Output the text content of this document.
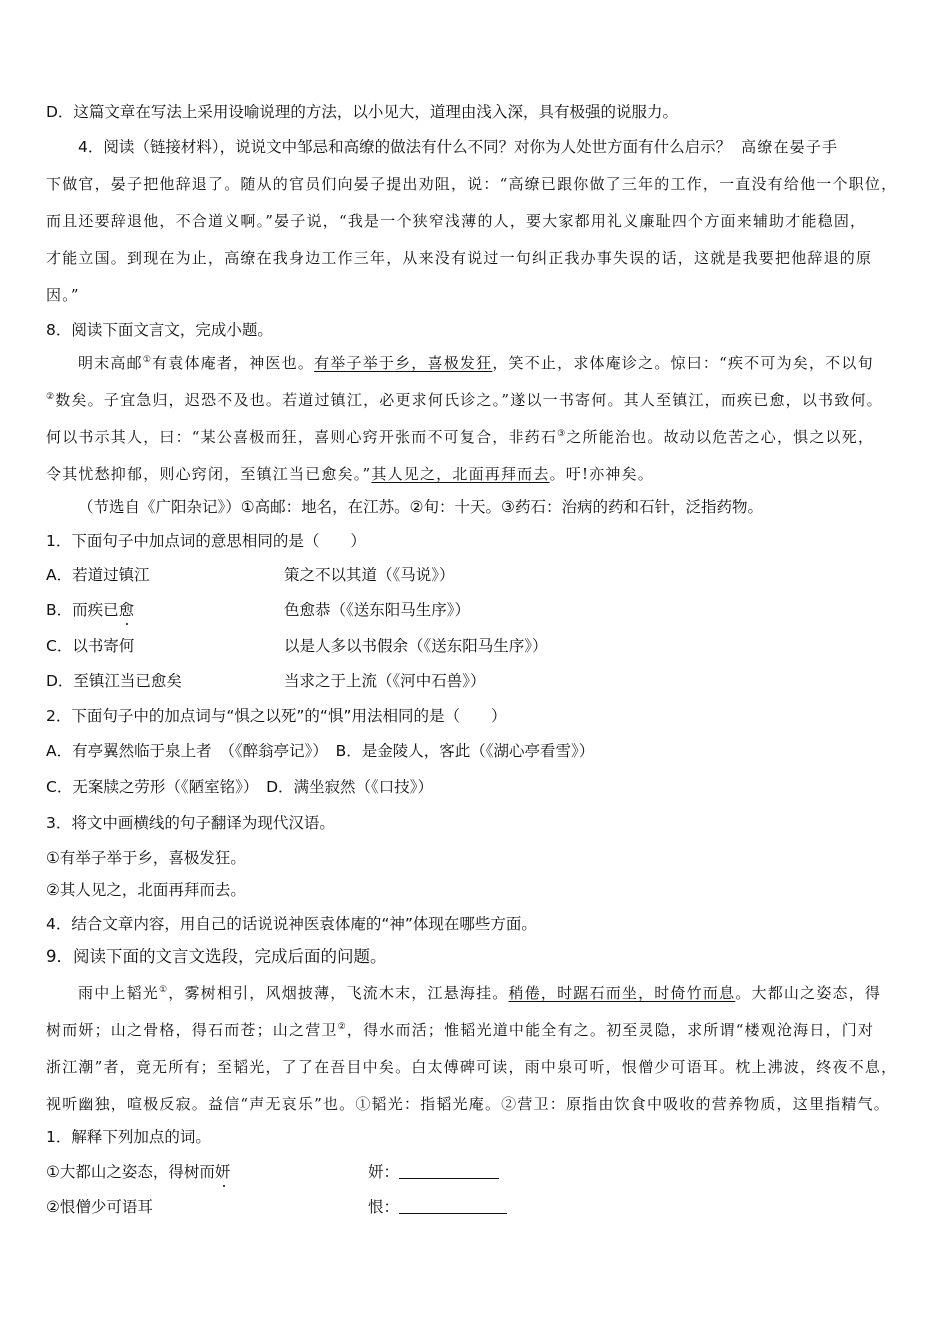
D．这篇文章在写法上采用设喻说理的方法，以小见大，道理由浅入深，具有极强的说服力。
4．阅读（链接材料），说说文中邹忌和高缭的做法有什么不同？对你为人处世方面有什么启示？ 高缭在晏子手
下做官，晏子把他辞退了。随从的官员们向晏子提出劝阻，说：“高缭已跟你做了三年的工作，一直没有给他一个职位，
而且还要辞退他，不合道义啊。”晏子说，“我是一个狭窄浅薄的人，要大家都用礼义廉耻四个方面来辅助才能稳固，
才能立国。到现在为止，高缭在我身边工作三年，从来没有说过一句纠正我办事失误的话，这就是我要把他辞退的原
因。”
8．阅读下面文言文，完成小题。
明末高邮①有袁体庵者，神医也。有举子举于乡，喜极发狂，笑不止，求体庵诊之。惊曰：“疾不可为矣，不以旬
②数矣。子宜急归，迟恐不及也。若道过镇江，必更求何氏诊之。”遂以一书寄何。其人至镇江，而疾已愈，以书致何。
何以书示其人，曰：“某公喜极而狂，喜则心窍开张而不可复合，非药石③之所能治也。故动以危苦之心，惧之以死，
令其忧愁抑郁，则心窍闭，至镇江当已愈矣。”其人见之，北面再拜而去。吁!亦神矣。
（节选自《广阳杂记》）①高邮：地名，在江苏。②旬：十天。③药石：治病的药和石针，泛指药物。
1．下面句子中加点词的意思相同的是（　　）
A．若道过镇江	策之不以其道（《马说》）
B．而疾已愈	色愈恭（《送东阳马生序》）
C．以书寄何	以是人多以书假余（《送东阳马生序》）
D．至镇江当已愈矣	当求之于上流（《河中石兽》）
2．下面句子中的加点词与“惧之以死”的“惧”用法相同的是（　　）
A．有亭翼然临于泉上者　（《醉翁亭记》）　B．是金陵人，客此（《湖心亭看雪》）
C．无案牍之劳形（《陋室铭》）　D．满坐寂然（《口技》）
3．将文中画横线的句子翻译为现代汉语。
①有举子举于乡，喜极发狂。
②其人见之，北面再拜而去。
4．结合文章内容，用自己的话说说神医袁体庵的“神”体现在哪些方面。
9．阅读下面的文言文选段，完成后面的问题。
雨中上韬光①，雾树相引，风烟披薄，飞流木末，江悬海挂。稍倦，时踞石而坐，时倚竹而息。大都山之姿态，得
树而妍；山之骨格，得石而苍；山之营卫②，得水而活；惟韬光道中能全有之。初至灵隐，求所谓“楼观沧海日，门对
浙江潮”者，竟无所有；至韬光，了了在吾目中矣。白太傅碑可读，雨中泉可听，恨僧少可语耳。枕上沸波，终夜不息，
视听幽独，喧极反寂。益信“声无哀乐”也。①韬光：指韬光庵。②营卫：原指由饮食中吸收的营养物质，这里指精气。
1．解释下列加点的词。
①大都山之姿态，得树而妍	妍：
②恨僧少可语耳	恨：
